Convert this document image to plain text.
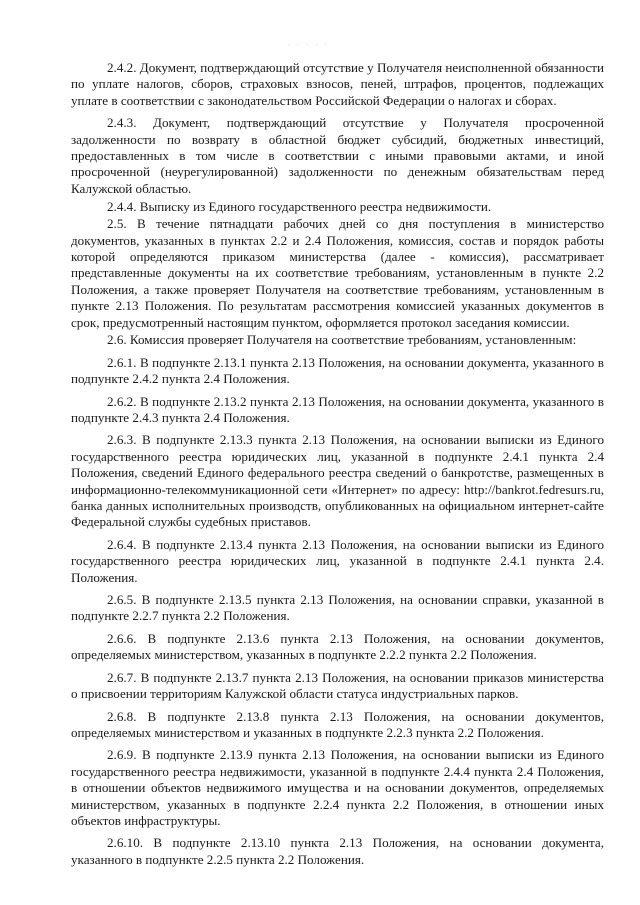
· · · · ·

2.4.2. Документ, подтверждающий отсутствие у Получателя неисполненной обязанности по уплате налогов, сборов, страховых взносов, пеней, штрафов, процентов, подлежащих уплате в соответствии с законодательством Российской Федерации о налогах и сборах.

2.4.3. Документ, подтверждающий отсутствие у Получателя просроченной задолженности по возврату в областной бюджет субсидий, бюджетных инвестиций, предоставленных в том числе в соответствии с иными правовыми актами, и иной просроченной (неурегулированной) задолженности по денежным обязательствам перед Калужской областью.

2.4.4. Выписку из Единого государственного реестра недвижимости.

2.5. В течение пятнадцати рабочих дней со дня поступления в министерство документов, указанных в пунктах 2.2 и 2.4 Положения, комиссия, состав и порядок работы которой определяются приказом министерства (далее - комиссия), рассматривает представленные документы на их соответствие требованиям, установленным в пункте 2.2 Положения, а также проверяет Получателя на соответствие требованиям, установленным в пункте 2.13 Положения. По результатам рассмотрения комиссией указанных документов в срок, предусмотренный настоящим пунктом, оформляется протокол заседания комиссии.

2.6. Комиссия проверяет Получателя на соответствие требованиям, установленным:

2.6.1. В подпункте 2.13.1 пункта 2.13 Положения, на основании документа, указанного в подпункте 2.4.2 пункта 2.4 Положения.

2.6.2. В подпункте 2.13.2 пункта 2.13 Положения, на основании документа, указанного в подпункте 2.4.3 пункта 2.4 Положения.

2.6.3. В подпункте 2.13.3 пункта 2.13 Положения, на основании выписки из Единого государственного реестра юридических лиц, указанной в подпункте 2.4.1 пункта 2.4 Положения, сведений Единого федерального реестра сведений о банкротстве, размещенных в информационно-телекоммуникационной сети «Интернет» по адресу: http://bankrot.fedresurs.ru, банка данных исполнительных производств, опубликованных на официальном интернет-сайте Федеральной службы судебных приставов.

2.6.4. В подпункте 2.13.4 пункта 2.13 Положения, на основании выписки из Единого государственного реестра юридических лиц, указанной в подпункте 2.4.1 пункта 2.4. Положения.

2.6.5. В подпункте 2.13.5 пункта 2.13 Положения, на основании справки, указанной в подпункте 2.2.7 пункта 2.2 Положения.

2.6.6. В подпункте 2.13.6 пункта 2.13 Положения, на основании документов, определяемых министерством, указанных в подпункте 2.2.2 пункта 2.2 Положения.

2.6.7. В подпункте 2.13.7 пункта 2.13 Положения, на основании приказов министерства о присвоении территориям Калужской области статуса индустриальных парков.

2.6.8. В подпункте 2.13.8 пункта 2.13 Положения, на основании документов, определяемых министерством и указанных в подпункте 2.2.3 пункта 2.2 Положения.

2.6.9. В подпункте 2.13.9 пункта 2.13 Положения, на основании выписки из Единого государственного реестра недвижимости, указанной в подпункте 2.4.4 пункта 2.4 Положения, в отношении объектов недвижимого имущества и на основании документов, определяемых министерством, указанных в подпункте 2.2.4 пункта 2.2 Положения, в отношении иных объектов инфраструктуры.

2.6.10. В подпункте 2.13.10 пункта 2.13 Положения, на основании документа, указанного в подпункте 2.2.5 пункта 2.2 Положения.
